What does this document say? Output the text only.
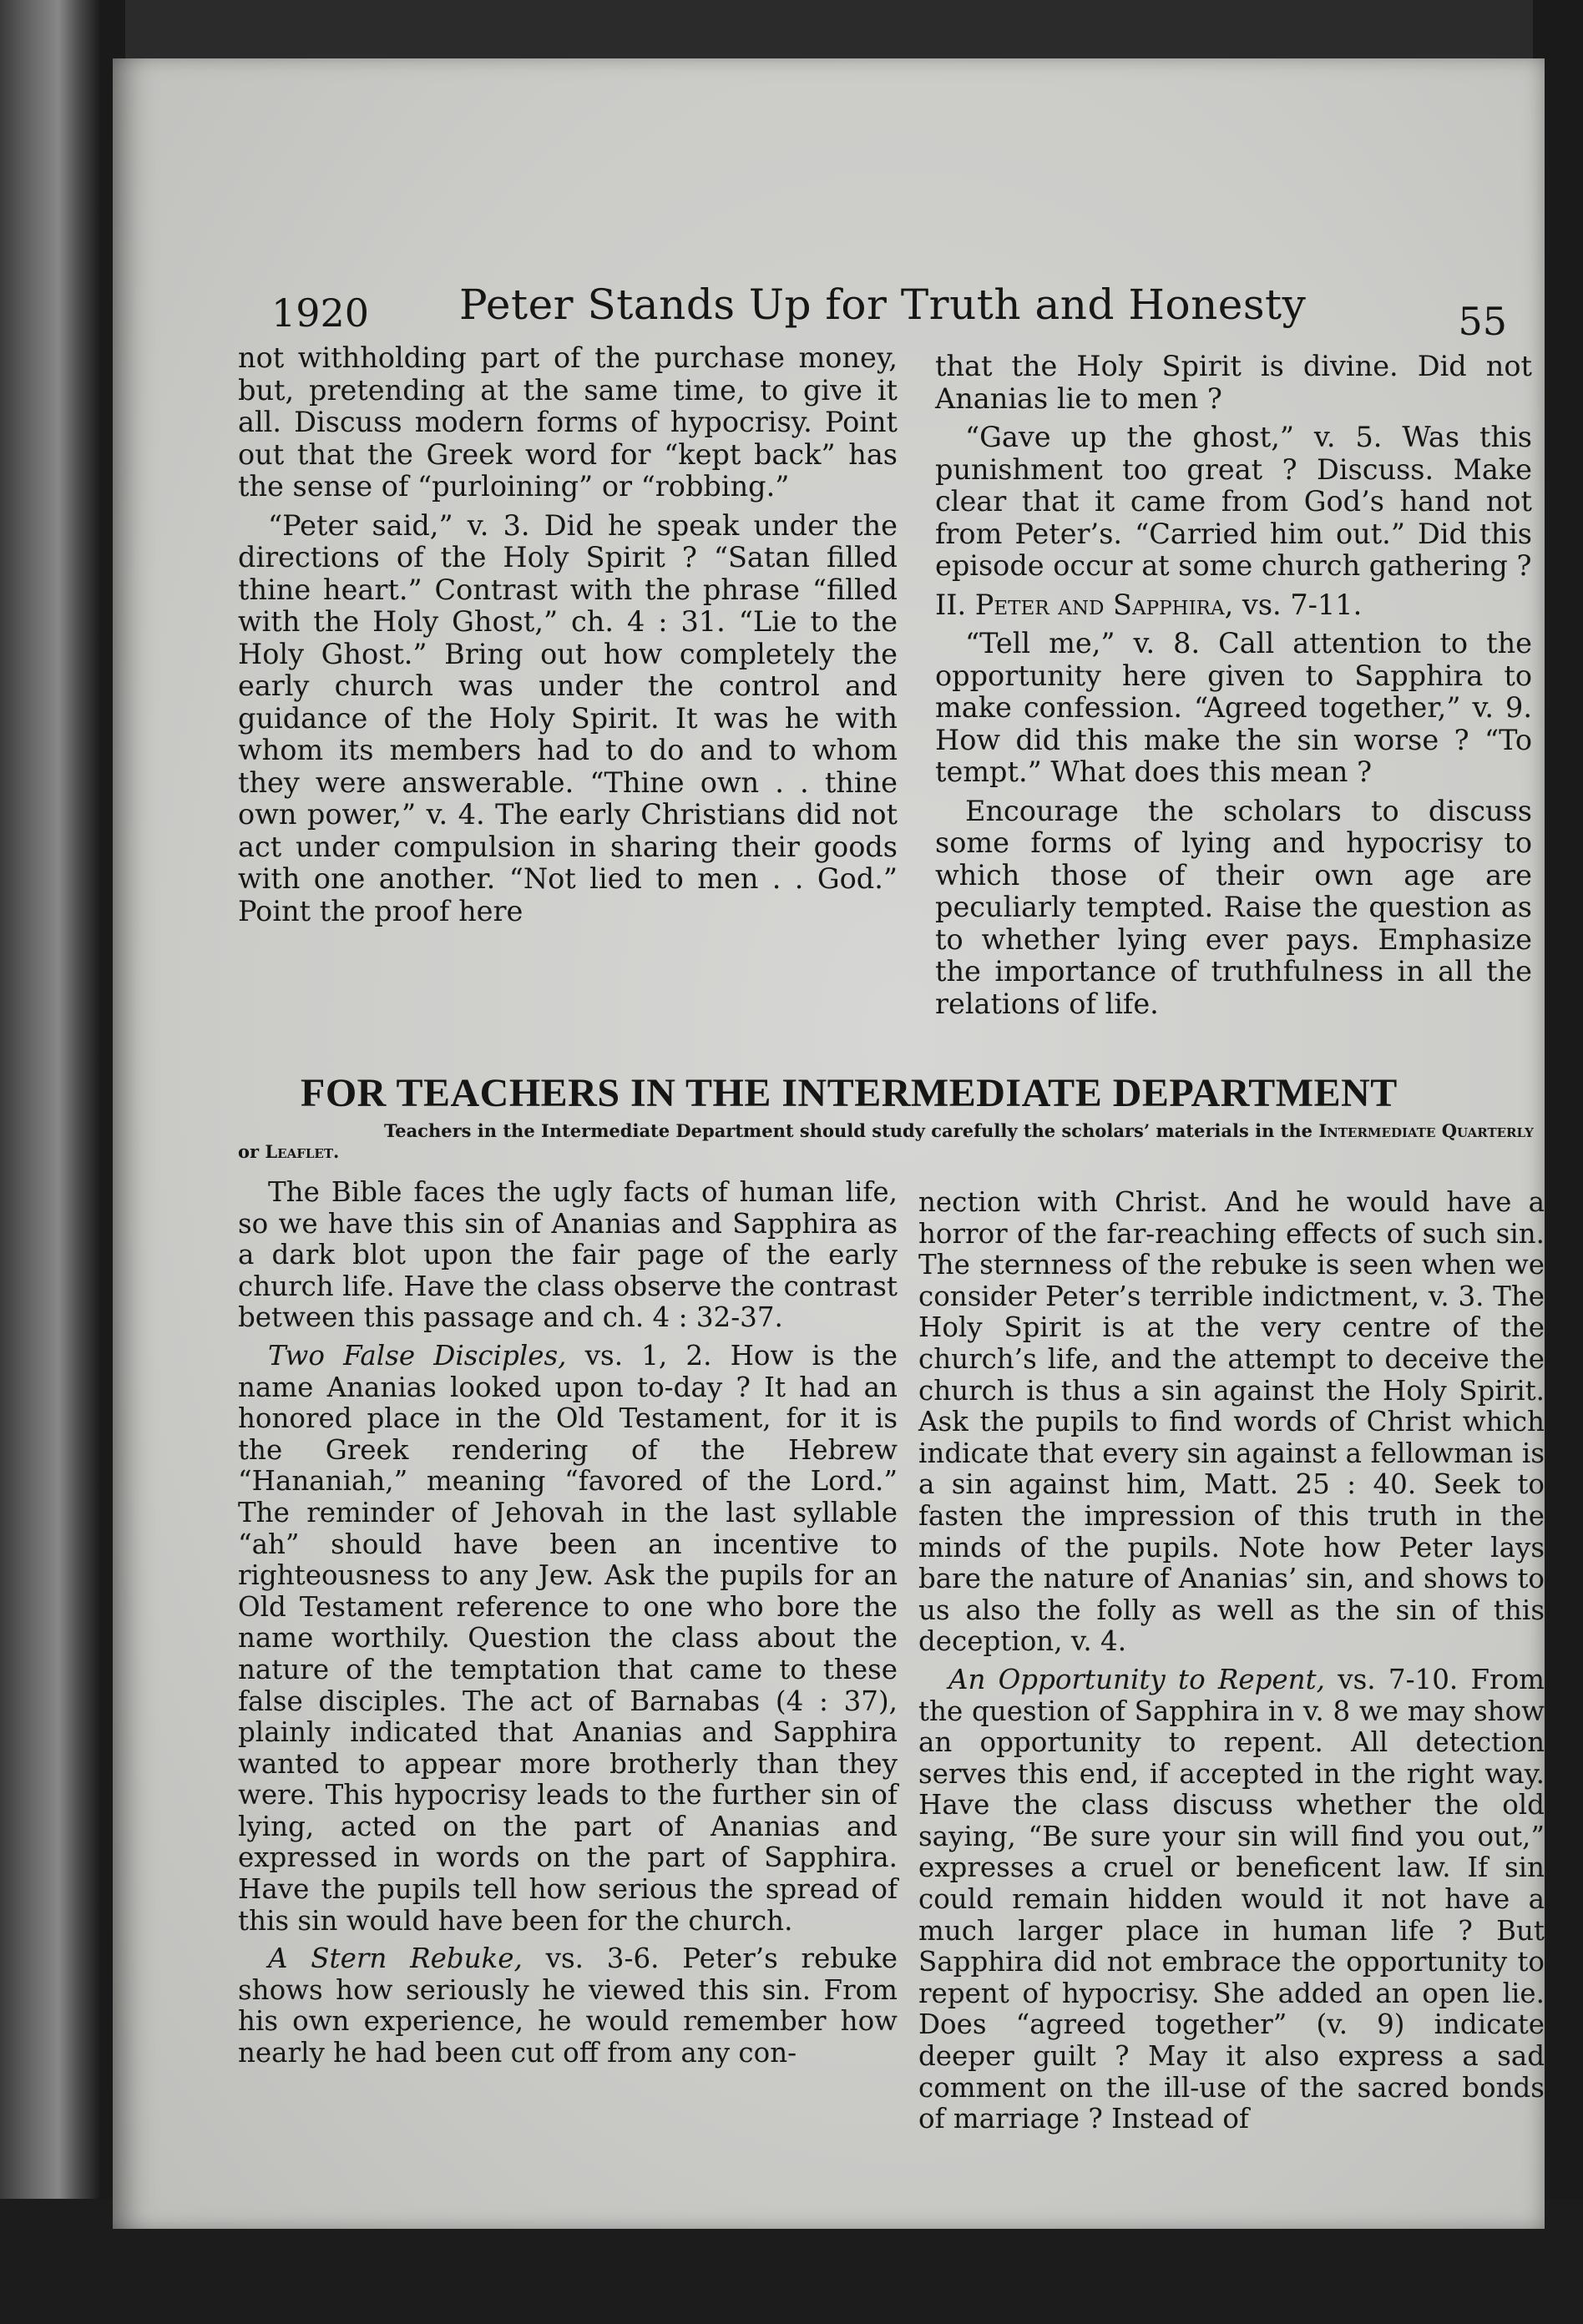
1920 Peter Stands Up for Truth and Honesty	55

not withholding part of the purchase money, but, pretending at the same time, to give it all. Discuss modern forms of hypocrisy. Point out that the Greek word for “kept back” has the sense of “purloining” or “robbing.”

“Peter said,” v. 3. Did he speak under the directions of the Holy Spirit ? “Satan filled thine heart.” Contrast with the phrase “filled with the Holy Ghost,” ch. 4 : 31. “Lie to the Holy Ghost.” Bring out how completely the early church was under the control and guidance of the Holy Spirit. It was he with whom its members had to do and to whom they were answerable. “Thine own . . thine own power,” v. 4. The early Christians did not act under compulsion in sharing their goods with one another. “Not lied to men . . God.” Point the proof here

that the Holy Spirit is divine. Did not Ananias lie to men ?

“Gave up the ghost,” v. 5. Was this punishment too great ? Discuss. Make clear that it came from God’s hand not from Peter’s. “Carried him out.” Did this episode occur at some church gathering ?

II. Peter and Sapphira, vs. 7-11.

“Tell me,” v. 8. Call attention to the opportunity here given to Sapphira to make confession. “Agreed together,” v. 9. How did this make the sin worse ? “To tempt.” What does this mean ?

Encourage the scholars to discuss some forms of lying and hypocrisy to which those of their own age are peculiarly tempted. Raise the question as to whether lying ever pays. Emphasize the importance of truthfulness in all the relations of life.

FOR TEACHERS IN THE INTERMEDIATE DEPARTMENT
Teachers in the Intermediate Department should study carefully the scholars’ materials in the Intermediate Quarterly or Leaflet.

The Bible faces the ugly facts of human life, so we have this sin of Ananias and Sapphira as a dark blot upon the fair page of the early church life. Have the class observe the contrast between this passage and ch. 4 : 32-37.

Two False Disciples, vs. 1, 2. How is the name Ananias looked upon to-day ? It had an honored place in the Old Testament, for it is the Greek rendering of the Hebrew “Hananiah,” meaning “favored of the Lord.” The reminder of Jehovah in the last syllable “ah” should have been an incentive to righteousness to any Jew. Ask the pupils for an Old Testament reference to one who bore the name worthily. Question the class about the nature of the temptation that came to these false disciples. The act of Barnabas (4 : 37), plainly indicated that Ananias and Sapphira wanted to appear more brotherly than they were. This hypocrisy leads to the further sin of lying, acted on the part of Ananias and expressed in words on the part of Sapphira. Have the pupils tell how serious the spread of this sin would have been for the church.

A Stern Rebuke, vs. 3-6. Peter’s rebuke shows how seriously he viewed this sin. From his own experience, he would remember how nearly he had been cut off from any con-

nection with Christ. And he would have a horror of the far-reaching effects of such sin. The sternness of the rebuke is seen when we consider Peter’s terrible indictment, v. 3. The Holy Spirit is at the very centre of the church’s life, and the attempt to deceive the church is thus a sin against the Holy Spirit. Ask the pupils to find words of Christ which indicate that every sin against a fellowman is a sin against him, Matt. 25 : 40. Seek to fasten the impression of this truth in the minds of the pupils. Note how Peter lays bare the nature of Ananias’ sin, and shows to us also the folly as well as the sin of this deception, v. 4.

An Opportunity to Repent, vs. 7-10. From the question of Sapphira in v. 8 we may show an opportunity to repent. All detection serves this end, if accepted in the right way. Have the class discuss whether the old saying, “Be sure your sin will find you out,” expresses a cruel or beneficent law. If sin could remain hidden would it not have a much larger place in human life ? But Sapphira did not embrace the opportunity to repent of hypocrisy. She added an open lie. Does “agreed together” (v. 9) indicate deeper guilt ? May it also express a sad comment on the ill-use of the sacred bonds of marriage ? Instead of
